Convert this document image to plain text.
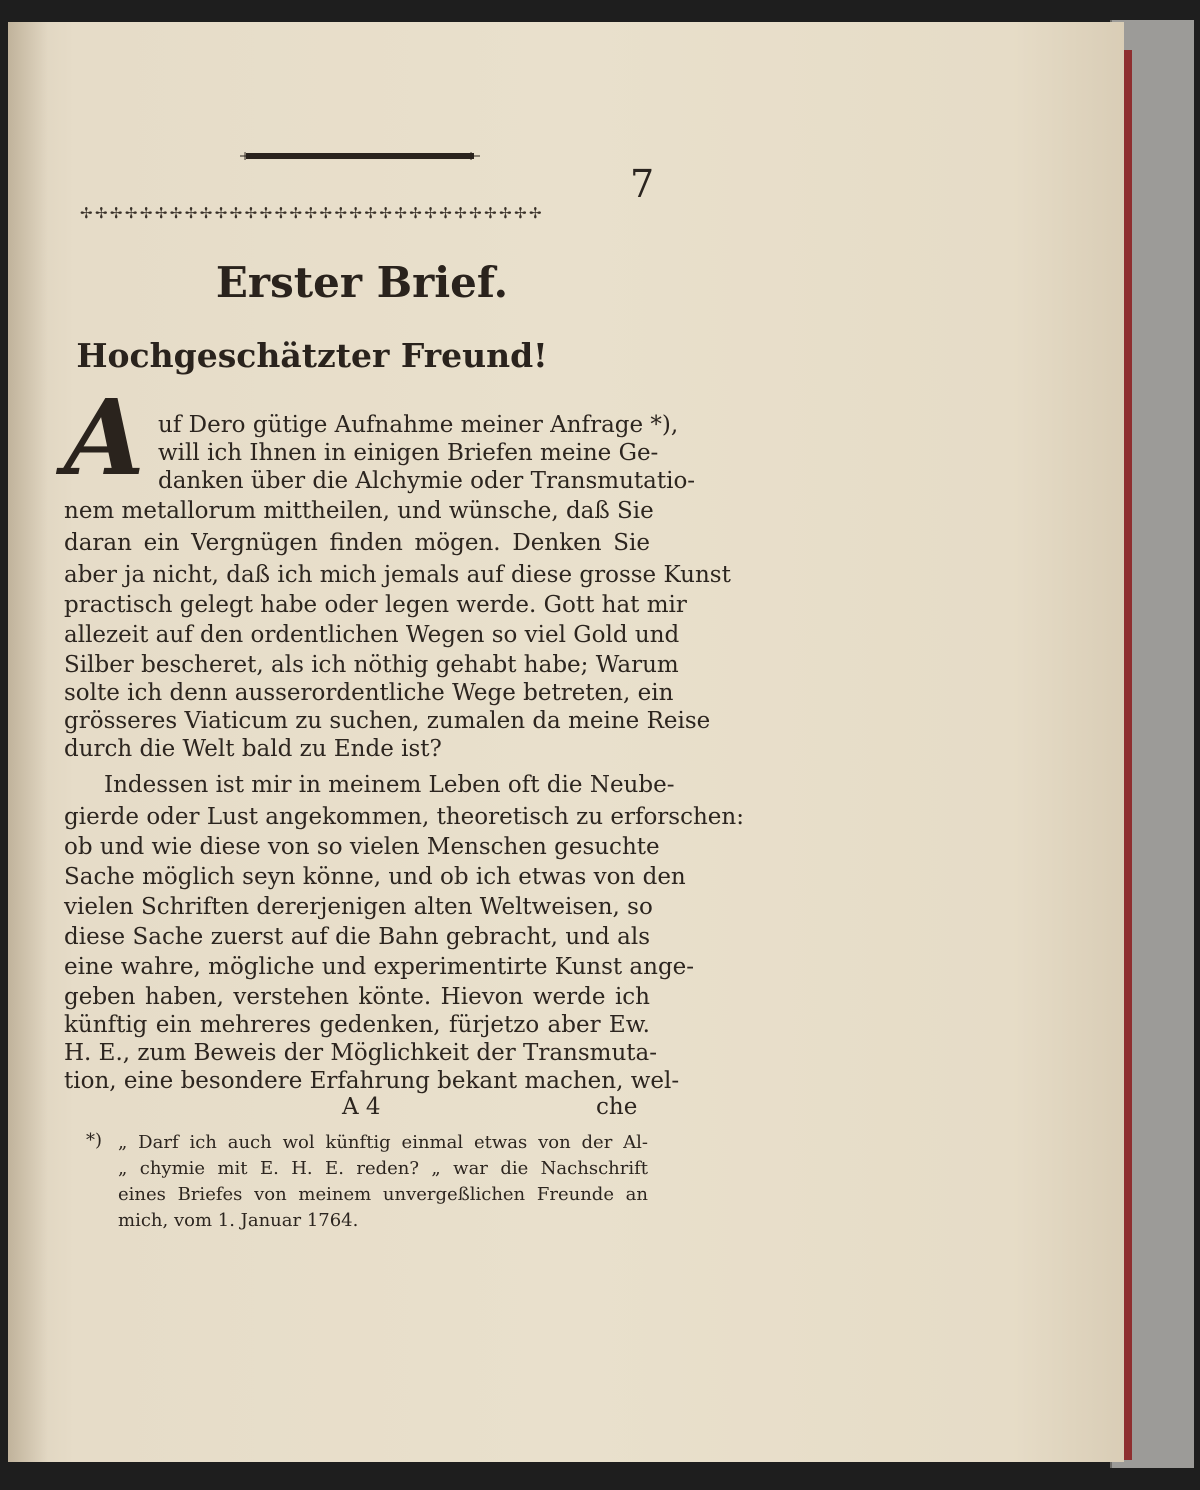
+	+
7
✢✢✢✢✢✢✢✢✢✢✢✢✢✢✢✢✢✢✢✢✢✢✢✢✢✢✢✢✢✢✢
Erster Brief.
Hochgeschätzter Freund!
A uf Dero gütige Aufnahme meiner Anfrage *),
will ich Ihnen in einigen Briefen meine Ge-
danken über die Alchymie oder Transmutatio-
nem metallorum mittheilen, und wünsche, daß Sie
daran ein Vergnügen finden mögen. Denken Sie
aber ja nicht, daß ich mich jemals auf diese grosse Kunst
practisch gelegt habe oder legen werde. Gott hat mir
allezeit auf den ordentlichen Wegen so viel Gold und
Silber bescheret, als ich nöthig gehabt habe; Warum
solte ich denn ausserordentliche Wege betreten, ein
grösseres Viaticum zu suchen, zumalen da meine Reise
durch die Welt bald zu Ende ist?
Indessen ist mir in meinem Leben oft die Neube-
gierde oder Lust angekommen, theoretisch zu erforschen:
ob und wie diese von so vielen Menschen gesuchte
Sache möglich seyn könne, und ob ich etwas von den
vielen Schriften dererjenigen alten Weltweisen, so
diese Sache zuerst auf die Bahn gebracht, und als
eine wahre, mögliche und experimentirte Kunst ange-
geben haben, verstehen könte. Hievon werde ich
künftig ein mehreres gedenken, fürjetzo aber Ew.
H. E., zum Beweis der Möglichkeit der Transmuta-
tion, eine besondere Erfahrung bekant machen, wel-
A 4	che
*) „ Darf ich auch wol künftig einmal etwas von der Al-
„ chymie mit E. H. E. reden? „ war die Nachschrift
eines Briefes von meinem unvergeßlichen Freunde an
mich, vom 1. Januar 1764.
